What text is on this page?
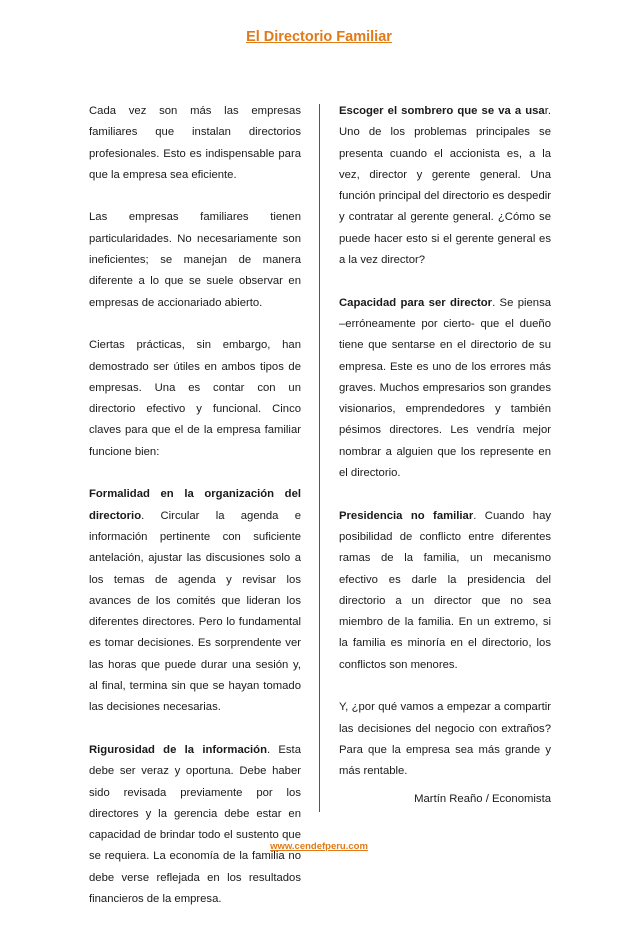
El Directorio Familiar

Cada vez son más las empresas familiares que instalan directorios profesionales. Esto es indispensable para que la empresa sea eficiente.

Las empresas familiares tienen particularidades. No necesariamente son ineficientes; se manejan de manera diferente a lo que se suele observar en empresas de accionariado abierto.

Ciertas prácticas, sin embargo, han demostrado ser útiles en ambos tipos de empresas. Una es contar con un directorio efectivo y funcional. Cinco claves para que el de la empresa familiar funcione bien:

Formalidad en la organización del directorio. Circular la agenda e información pertinente con suficiente antelación, ajustar las discusiones solo a los temas de agenda y revisar los avances de los comités que lideran los diferentes directores. Pero lo fundamental es tomar decisiones. Es sorprendente ver las horas que puede durar una sesión y, al final, termina sin que se hayan tomado las decisiones necesarias.

Rigurosidad de la información. Esta debe ser veraz y oportuna. Debe haber sido revisada previamente por los directores y la gerencia debe estar en capacidad de brindar todo el sustento que se requiera. La economía de la familia no debe verse reflejada en los resultados financieros de la empresa.

Escoger el sombrero que se va a usar. Uno de los problemas principales se presenta cuando el accionista es, a la vez, director y gerente general. Una función principal del directorio es despedir y contratar al gerente general. ¿Cómo se puede hacer esto si el gerente general es a la vez director?

Capacidad para ser director. Se piensa –erróneamente por cierto- que el dueño tiene que sentarse en el directorio de su empresa. Este es uno de los errores más graves. Muchos empresarios son grandes visionarios, emprendedores y también pésimos directores. Les vendría mejor nombrar a alguien que los represente en el directorio.

Presidencia no familiar. Cuando hay posibilidad de conflicto entre diferentes ramas de la familia, un mecanismo efectivo es darle la presidencia del directorio a un director que no sea miembro de la familia. En un extremo, si la familia es minoría en el directorio, los conflictos son menores.

Y, ¿por qué vamos a empezar a compartir las decisiones del negocio con extraños? Para que la empresa sea más grande y más rentable.

Martín Reaño / Economista
www.cendefperu.com
